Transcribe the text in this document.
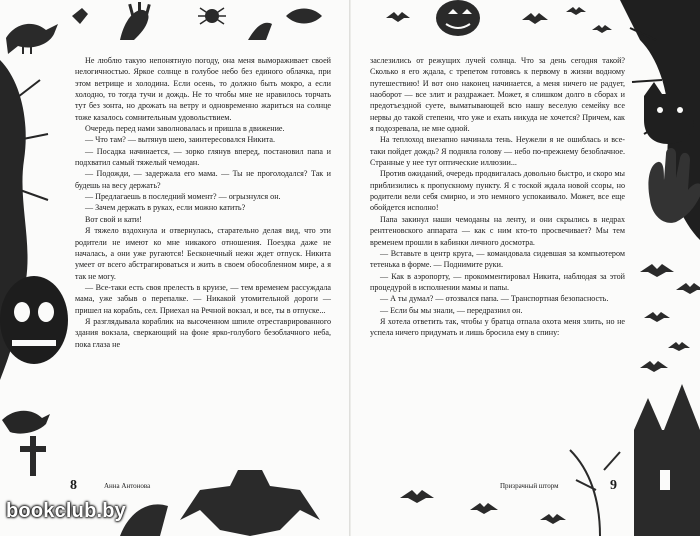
Не люблю такую непонятную погоду, она меня вымораживает своей нелогичностью. Яркое солнце в голубое небо без единого облачка, при этом ветрище и холодина. Если осень, то должно быть мокро, а если холодно, то тогда тучи и дождь. Не то чтобы мне не нравилось торчать тут без зонта, но дрожать на ветру и одновременно жариться на солнце тоже казалось сомнительным удовольствием.

Очередь перед нами заволновалась и пришла в движение.

— Что там? — вытянув шею, заинтересовался Никита.

— Посадка начинается, — зорко глянув вперед, постановил папа и подхватил самый тяжелый чемодан.

— Подожди, — задержала его мама. — Ты не проголодался? Так и будешь на весу держать?

— Предлагаешь в последний момент? — огрызнулся он.

— Зачем держать в руках, если можно катить?

Вот свой и кати!

Я тяжело вздохнула и отвернулась, старательно делая вид, что эти родители не имеют ко мне никакого отношения. Поездка даже не началась, а они уже ругаются! Бесконечный нежн ждет отпуск. Никита умеет от всего абстрагироваться и жить в своем обособленном мире, а я так не могу.

— Все-таки есть своя прелесть в круизе, — тем временем рассуждала мама, уже забыв о перепалке. — Никакой утомительной дороги — пришел на корабль, сел. Приехал на Речной вокзал, и все, ты в отпуске...

Я разглядывала кораблик на высоченном шпиле отреставрированного здания вокзала, сверкающий на фоне ярко-голубого безоблачного неба, пока глаза не

заслезились от режущих лучей солнца. Что за день сегодня такой? Сколько я его ждала, с трепетом готовясь к первому в жизни водному путешествию! И вот оно наконец начинается, а меня ничего не радует, наоборот — все злит и раздражает. Может, я слишком долго в сборах и предотъездной суете, выматывающей всю нашу веселую семейку все нервы до такой степени, что уже и ехать никуда не хочется? Причем, как я подозревала, не мне одной.

На теплоход внезапно начинала тень. Неужели я не ошиблась и все-таки пойдет дождь? Я подняла голову — небо по-прежнему безоблачное. Странные у нее тут оптические иллюзии...

Против ожиданий, очередь продвигалась довольно быстро, и скоро мы приблизились к пропускному пункту. Я с тоской ждала новой ссоры, но родители вели себя смирно, и это немного успокаивало. Может, все еще обойдется исполно!

Папа закинул наши чемоданы на ленту, и они скрылись в недрах рентгеновского аппарата — как с ним кто-то просвечивает? Мы тем временем прошли в кабинки личного досмотра.

— Вставьте в центр круга, — командовала сидевшая за компьютером тетенька в форме. — Поднимите руки.

— Как в аэропорту, — прокомментировал Никита, наблюдая за этой процедурой в исполнении мамы и папы.

— А ты думал? — отозвался папа. — Транспортная безопасность.

— Если бы мы знали, — передразнил он.

Я хотела ответить так, чтобы у братца отпала охота меня злить, но не успела ничего придумать и лишь бросила ему в спину:

8	Анна Антонова	Призрачный шторм	9
bookclub.by
